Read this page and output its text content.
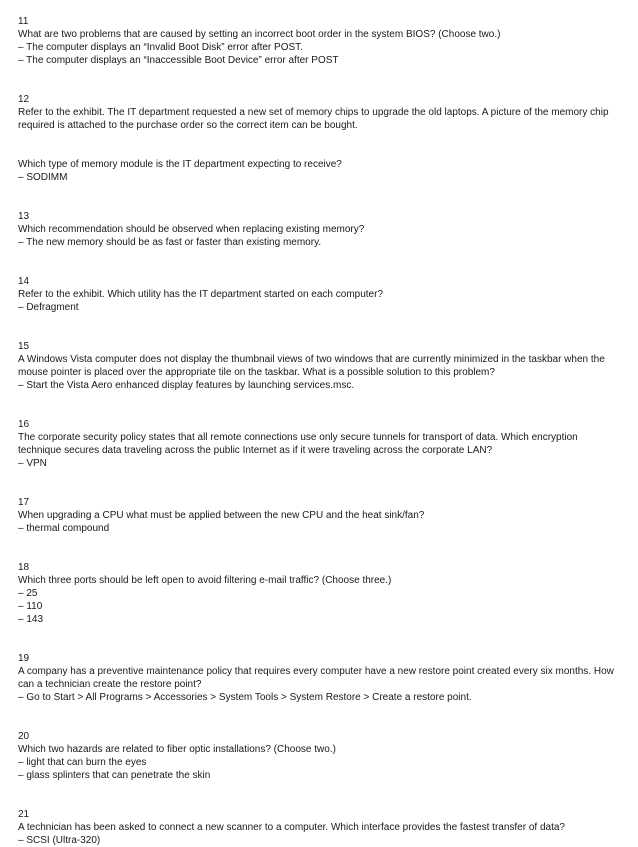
11
What are two problems that are caused by setting an incorrect boot order in the system BIOS? (Choose two.)
– The computer displays an “Invalid Boot Disk” error after POST.
– The computer displays an “Inaccessible Boot Device” error after POST
12
Refer to the exhibit. The IT department requested a new set of memory chips to upgrade the old laptops. A picture of the memory chip required is attached to the purchase order so the correct item can be bought.
Which type of memory module is the IT department expecting to receive?
– SODIMM
13
Which recommendation should be observed when replacing existing memory?
– The new memory should be as fast or faster than existing memory.
14
Refer to the exhibit. Which utility has the IT department started on each computer?
– Defragment
15
A Windows Vista computer does not display the thumbnail views of two windows that are currently minimized in the taskbar when the mouse pointer is placed over the appropriate tile on the taskbar. What is a possible solution to this problem?
– Start the Vista Aero enhanced display features by launching services.msc.
16
The corporate security policy states that all remote connections use only secure tunnels for transport of data. Which encryption technique secures data traveling across the public Internet as if it were traveling across the corporate LAN?
– VPN
17
When upgrading a CPU what must be applied between the new CPU and the heat sink/fan?
– thermal compound
18
Which three ports should be left open to avoid filtering e-mail traffic? (Choose three.)
– 25
– 110
– 143
19
A company has a preventive maintenance policy that requires every computer have a new restore point created every six months. How can a technician create the restore point?
– Go to Start > All Programs > Accessories > System Tools > System Restore > Create a restore point.
20
Which two hazards are related to fiber optic installations? (Choose two.)
– light that can burn the eyes
– glass splinters that can penetrate the skin
21
A technician has been asked to connect a new scanner to a computer. Which interface provides the fastest transfer of data?
– SCSI (Ultra-320)
